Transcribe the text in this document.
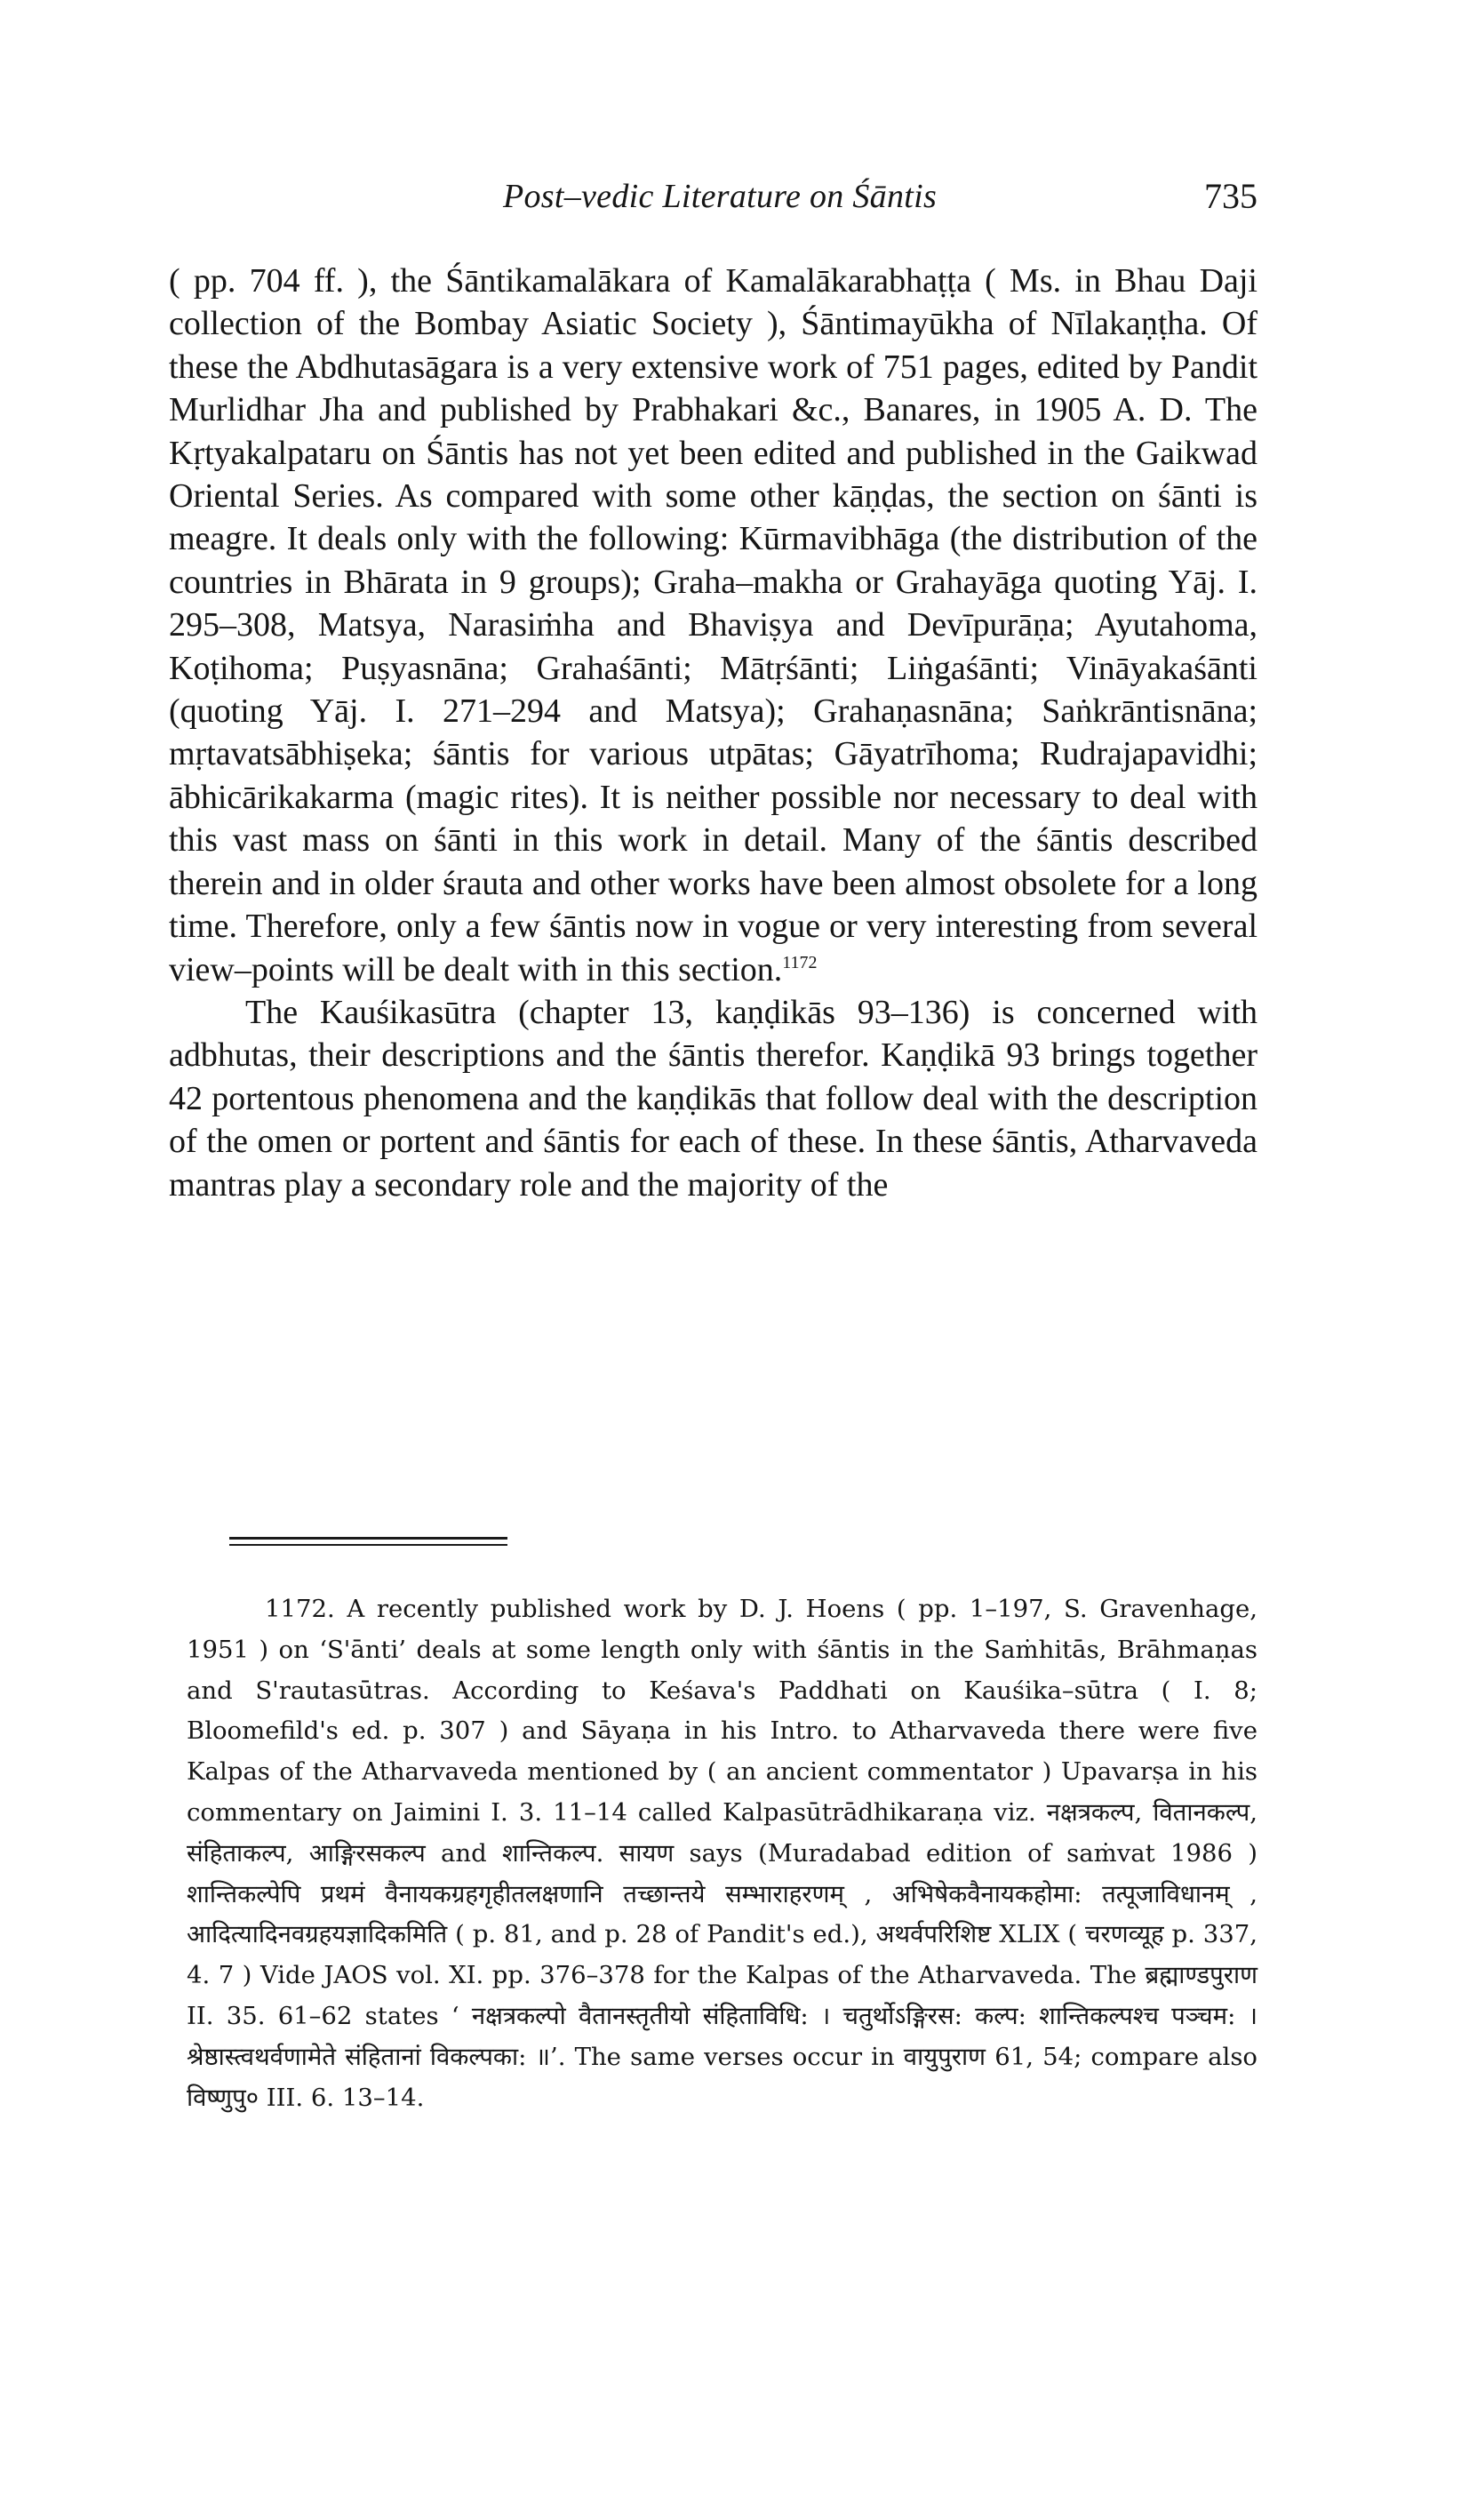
Post–vedic Literature on Śāntis	735

( pp. 704 ff. ), the Śāntikamalākara of Kamalākarabhaṭṭa ( Ms. in Bhau Daji collection of the Bombay Asiatic Society ), Śāntimayūkha of Nīlakaṇṭha. Of these the Abdhutasāgara is a very extensive work of 751 pages, edited by Pandit Murlidhar Jha and published by Prabhakari &c., Banares, in 1905 A. D. The Kṛtyakalpataru on Śāntis has not yet been edited and published in the Gaikwad Oriental Series. As compared with some other kāṇḍas, the section on śānti is meagre. It deals only with the following: Kūrmavibhāga (the distribution of the countries in Bhārata in 9 groups); Graha–makha or Grahayāga quoting Yāj. I. 295–308, Matsya, Narasiṁha and Bhaviṣya and Devīpurāṇa; Ayutahoma, Koṭihoma; Puṣyasnāna; Grahaśānti; Mātṛśānti; Liṅgaśānti; Vināyakaśānti (quoting Yāj. I. 271–294 and Matsya); Grahaṇasnāna; Saṅkrāntisnāna; mṛtavatsābhiṣeka; śāntis for various utpātas; Gāyatrīhoma; Rudrajapavidhi; ābhicārikakarma (magic rites). It is neither possible nor necessary to deal with this vast mass on śānti in this work in detail. Many of the śāntis described therein and in older śrauta and other works have been almost obsolete for a long time. Therefore, only a few śāntis now in vogue or very interesting from several view–points will be dealt with in this section.$^{1172}$

The Kauśikasūtra (chapter 13, kaṇḍikās 93–136) is concerned with adbhutas, their descriptions and the śāntis therefor. Kaṇḍikā 93 brings together 42 portentous phenomena and the kaṇḍikās that follow deal with the description of the omen or portent and śāntis for each of these. In these śāntis, Atharvaveda mantras play a secondary role and the majority of the

1172. A recently published work by D. J. Hoens ( pp. 1–197, S. Gravenhage, 1951 ) on ‘S'ānti’ deals at some length only with śāntis in the Saṁhitās, Brāhmaṇas and S'rautasūtras. According to Keśava's Paddhati on Kauśika–sūtra ( I. 8; Bloomefild's ed. p. 307 ) and Sāyaṇa in his Intro. to Atharvaveda there were five Kalpas of the Atharvaveda mentioned by ( an ancient commentator ) Upavarṣa in his commentary on Jaimini I. 3. 11–14 called Kalpasūtrādhikaraṇa viz. नक्षत्रकल्प, वितानकल्प, संहिताकल्प, आङ्गिरसकल्प and शान्तिकल्प. सायण says (Muradabad edition of saṁvat 1986 ) शान्तिकल्पेपि प्रथमं वैनायकग्रहगृहीतलक्षणानि तच्छान्तये सम्भाराहरणम् , अभिषेकवैनायकहोमा: तत्पूजाविधानम् , आदित्यादिनवग्रहयज्ञादिकमिति ( p. 81, and p. 28 of Pandit's ed.), अथर्वपरिशिष्ट XLIX ( चरणव्यूह p. 337, 4. 7 ) Vide JAOS vol. XI. pp. 376–378 for the Kalpas of the Atharvaveda. The ब्रह्माण्डपुराण II. 35. 61–62 states ‘ नक्षत्रकल्पो वैतानस्तृतीयो संहिताविधि: । चतुर्थोऽङ्गिरस: कल्प: शान्तिकल्पश्च पञ्चम: । श्रेष्ठास्त्वथर्वणामेते संहितानां विकल्पका: ॥’. The same verses occur in वायुपुराण 61, 54; compare also विष्णुपु० III. 6. 13–14.
